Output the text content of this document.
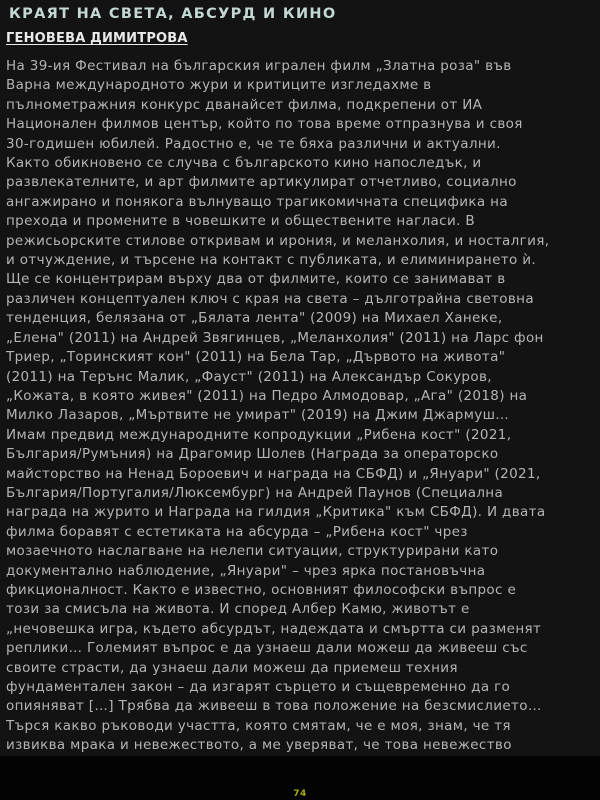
КРАЯТ НА СВЕТА, АБСУРД И КИНО
ГЕНОВЕВА ДИМИТРОВА
На 39-ия Фестивал на българския игрален филм „Златна роза" във
Варна международното жури и критиците изгледахме в
пълнометражния конкурс дванайсет филма, подкрепени от ИА
Национален филмов център, който по това време отпразнува и своя
30-годишен юбилей. Радостно е, че те бяха различни и актуални.
Както обикновено се случва с българското кино напоследък, и
развлекателните, и арт филмите артикулират отчетливо, социално
ангажирано и понякога вълнуващо трагикомичната специфика на
прехода и промените в човешките и обществените нагласи. В
режисьорските стилове откривам и ирония, и меланхолия, и носталгия,
и отчуждение, и търсене на контакт с публиката, и елиминирането ѝ.
Ще се концентрирам върху два от филмите, които се занимават в
различен концептуален ключ с края на света – дълготрайна световна
тенденция, белязана от „Бялата лента" (2009) на Михаел Ханеке,
„Елена" (2011) на Андрей Звягинцев, „Меланхолия" (2011) на Ларс фон
Триер, „Торинският кон" (2011) на Бела Тар, „Дървото на живота"
(2011) на Терънс Малик, „Фауст" (2011) на Александър Сокуров,
„Кожата, в която живея" (2011) на Педро Алмодовар, „Ага" (2018) на
Милко Лазаров, „Мъртвите не умират" (2019) на Джим Джармуш…
Имам предвид международните копродукции „Рибена кост" (2021,
България/Румъния) на Драгомир Шолев (Награда за операторско
майсторство на Ненад Бороевич и награда на СБФД) и „Януари" (2021,
България/Португалия/Люксембург) на Андрей Паунов (Специална
награда на журито и Награда на гилдия „Критика" към СБФД). И двата
филма боравят с естетиката на абсурда – „Рибена кост" чрез
мозаечното наслагване на нелепи ситуации, структурирани като
документално наблюдение, „Януари" – чрез ярка постановъчна
фикционалност. Както е известно, основният философски въпрос е
този за смисъла на живота. И според Албер Камю, животът е
„нечовешка игра, където абсурдът, надеждата и смъртта си разменят
реплики… Големият въпрос е да узнаеш дали можеш да живееш със
своите страсти, да узнаеш дали можеш да приемеш техния
фундаментален закон – да изгарят сърцето и същевременно да го
опияняват […] Трябва да живееш в това положение на безсмислието…
Търся какво ръководи участта, която смятам, че е моя, знам, че тя
извиква мрака и невежеството, а ме уверяват, че това невежество
74
